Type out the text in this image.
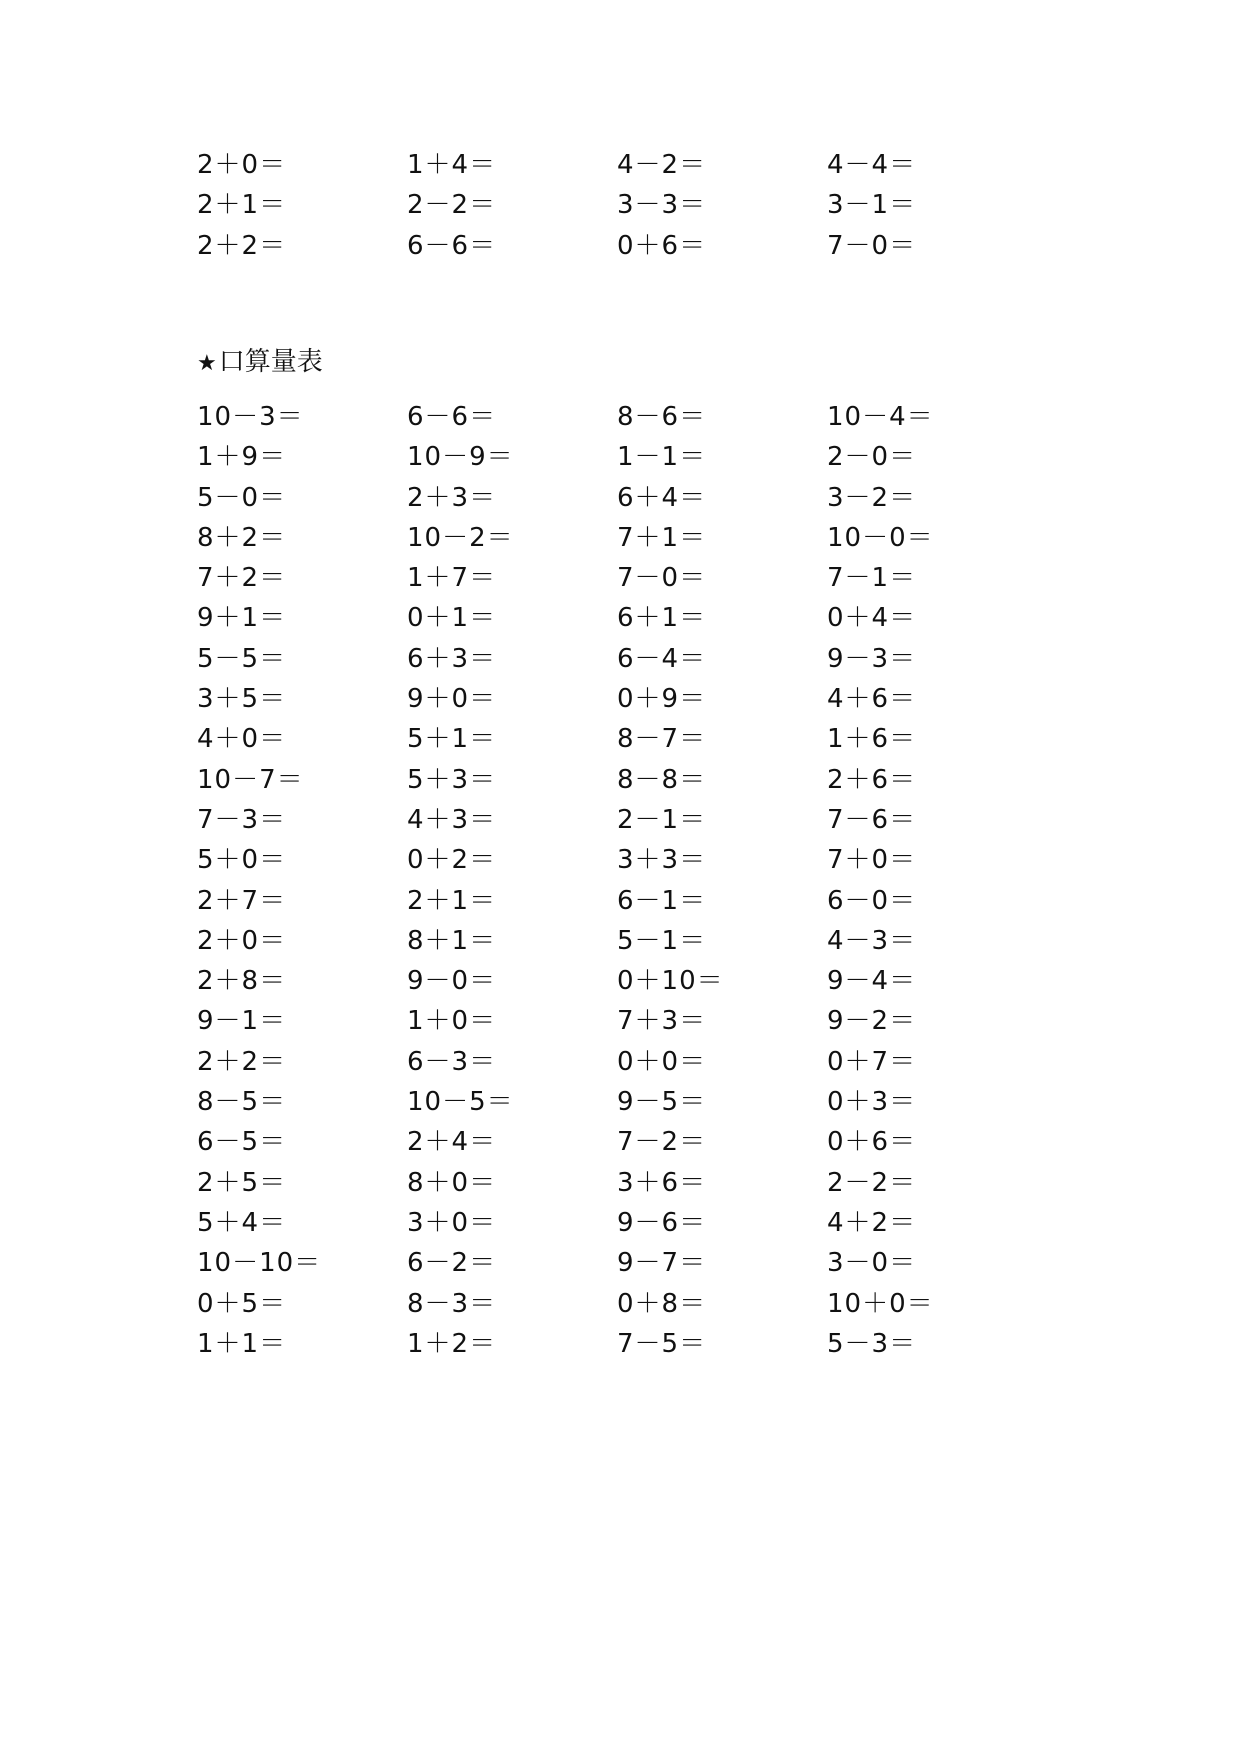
2＋0＝	1＋4＝	4－2＝	4－4＝
2＋1＝	2－2＝	3－3＝	3－1＝
2＋2＝	6－6＝	0＋6＝	7－0＝
★口算量表
10－3＝	6－6＝	8－6＝	10－4＝
1＋9＝	10－9＝	1－1＝	2－0＝
5－0＝	2＋3＝	6＋4＝	3－2＝
8＋2＝	10－2＝	7＋1＝	10－0＝
7＋2＝	1＋7＝	7－0＝	7－1＝
9＋1＝	0＋1＝	6＋1＝	0＋4＝
5－5＝	6＋3＝	6－4＝	9－3＝
3＋5＝	9＋0＝	0＋9＝	4＋6＝
4＋0＝	5＋1＝	8－7＝	1＋6＝
10－7＝	5＋3＝	8－8＝	2＋6＝
7－3＝	4＋3＝	2－1＝	7－6＝
5＋0＝	0＋2＝	3＋3＝	7＋0＝
2＋7＝	2＋1＝	6－1＝	6－0＝
2＋0＝	8＋1＝	5－1＝	4－3＝
2＋8＝	9－0＝	0＋10＝	9－4＝
9－1＝	1＋0＝	7＋3＝	9－2＝
2＋2＝	6－3＝	0＋0＝	0＋7＝
8－5＝	10－5＝	9－5＝	0＋3＝
6－5＝	2＋4＝	7－2＝	0＋6＝
2＋5＝	8＋0＝	3＋6＝	2－2＝
5＋4＝	3＋0＝	9－6＝	4＋2＝
10－10＝	6－2＝	9－7＝	3－0＝
0＋5＝	8－3＝	0＋8＝	10＋0＝
1＋1＝	1＋2＝	7－5＝	5－3＝
